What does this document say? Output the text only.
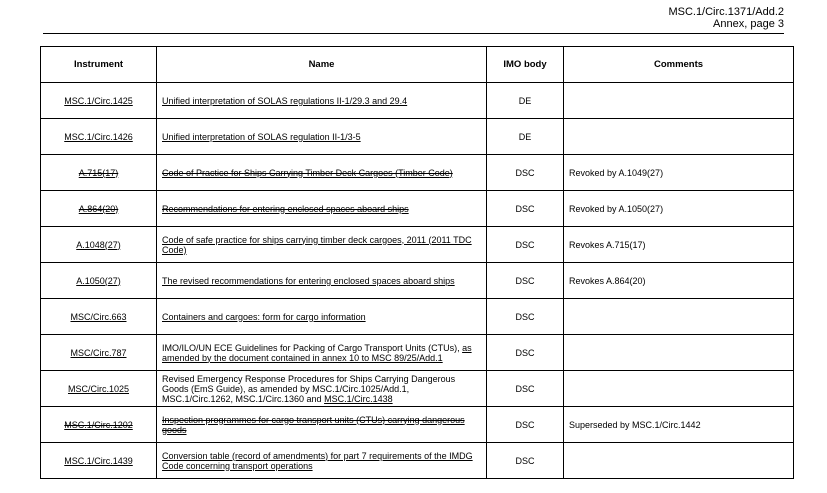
MSC.1/Circ.1371/Add.2
Annex, page 3
Instrument	Name	IMO body	Comments
MSC.1/Circ.1425	Unified interpretation of SOLAS regulations II-1/29.3 and 29.4	DE	
MSC.1/Circ.1426	Unified interpretation of SOLAS regulation II-1/3-5	DE	
A.715(17)	Code of Practice for Ships Carrying Timber Deck Cargoes (Timber Code)	DSC	Revoked by A.1049(27)
A.864(20)	Recommendations for entering enclosed spaces aboard ships	DSC	Revoked by A.1050(27)
A.1048(27)	Code of safe practice for ships carrying timber deck cargoes, 2011 (2011 TDC Code)	DSC	Revokes A.715(17)
A.1050(27)	The revised recommendations for entering enclosed spaces aboard ships	DSC	Revokes A.864(20)
MSC/Circ.663	Containers and cargoes: form for cargo information	DSC	
MSC/Circ.787	IMO/ILO/UN ECE Guidelines for Packing of Cargo Transport Units (CTUs), as amended by the document contained in annex 10 to MSC 89/25/Add.1	DSC	
MSC/Circ.1025	Revised Emergency Response Procedures for Ships Carrying Dangerous Goods (EmS Guide), as amended by MSC.1/Circ.1025/Add.1, MSC.1/Circ.1262, MSC.1/Circ.1360 and MSC.1/Circ.1438	DSC	
MSC.1/Circ.1202	Inspection programmes for cargo transport units (CTUs) carrying dangerous goods	DSC	Superseded by MSC.1/Circ.1442
MSC.1/Circ.1439	Conversion table (record of amendments) for part 7 requirements of the IMDG Code concerning transport operations	DSC	
